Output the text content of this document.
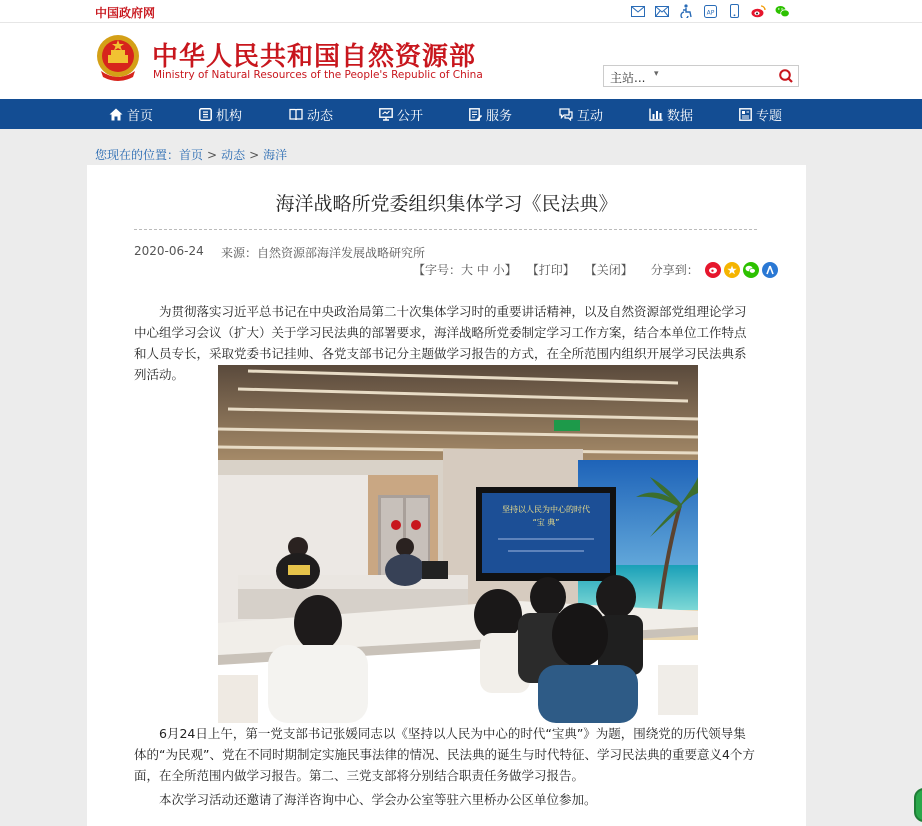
中国政府网	AP
中华人民共和国自然资源部
Ministry of Natural Resources of the People's Republic of China	主站... ▾
首页	机构	动态	公开	服务	互动	数据	专题
您现在的位置：首页 > 动态 > 海洋
海洋战略所党委组织集体学习《民法典》
2020-06-24 来源：自然资源部海洋发展战略研究所
【字号：大 中 小】 【打印】 【关闭】 分享到：

为贯彻落实习近平总书记在中央政治局第二十次集体学习时的重要讲话精神，以及自然资源部党组理论学习中心组学习会议（扩大）关于学习民法典的部署要求，海洋战略所党委制定学习工作方案，结合本单位工作特点和人员专长，采取党委书记挂帅、各党支部书记分主题做学习报告的方式，在全所范围内组织开展学习民法典系列活动。

坚持以人民为中心的时代
“宝 典”

6月24日上午，第一党支部书记张媛同志以《坚持以人民为中心的时代“宝典”》为题，围绕党的历代领导集体的“为民观”、党在不同时期制定实施民事法律的情况、民法典的诞生与时代特征、学习民法典的重要意义4个方面，在全所范围内做学习报告。第二、三党支部将分别结合职责任务做学习报告。

本次学习活动还邀请了海洋咨询中心、学会办公室等驻六里桥办公区单位参加。
